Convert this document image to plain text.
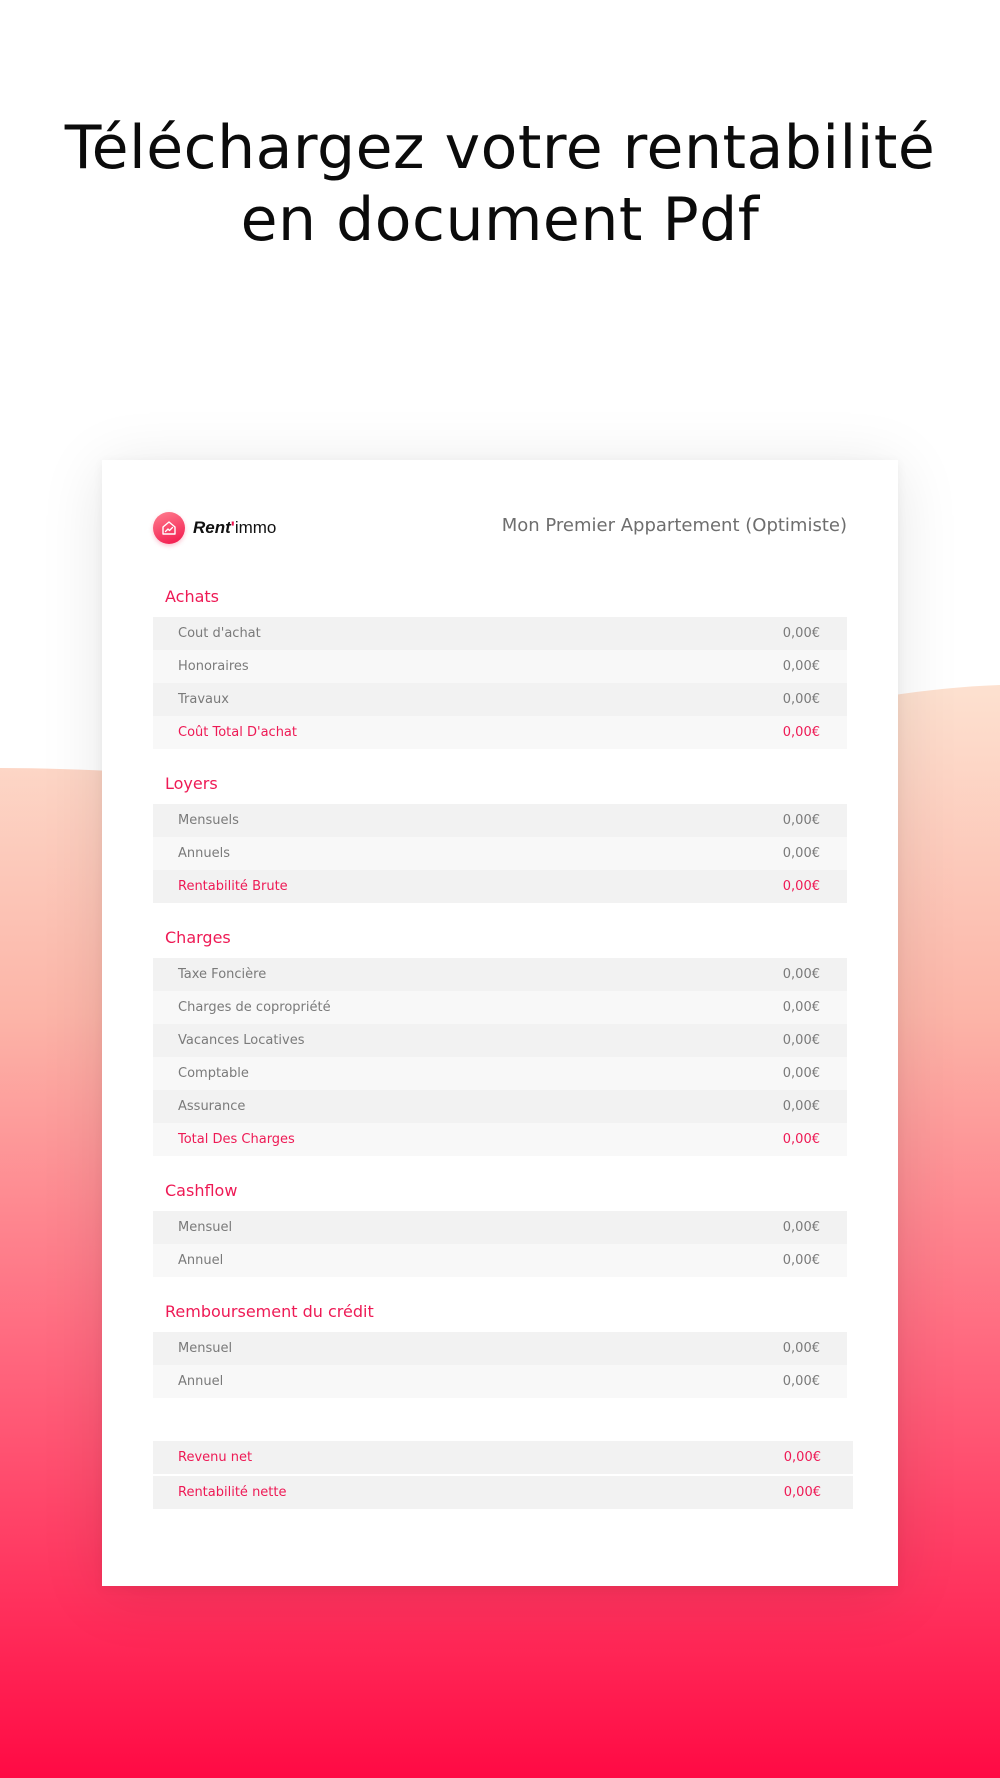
Téléchargez votre rentabilité
en document Pdf
Rent'immo	Mon Premier Appartement (Optimiste)
Achats
Cout d'achat	0,00€
Honoraires	0,00€
Travaux	0,00€
Coût Total D'achat	0,00€
Loyers
Mensuels	0,00€
Annuels	0,00€
Rentabilité Brute	0,00€
Charges
Taxe Foncière	0,00€
Charges de copropriété	0,00€
Vacances Locatives	0,00€
Comptable	0,00€
Assurance	0,00€
Total Des Charges	0,00€
Cashflow
Mensuel	0,00€
Annuel	0,00€
Remboursement du crédit
Mensuel	0,00€
Annuel	0,00€
Revenu net	0,00€
Rentabilité nette	0,00€
